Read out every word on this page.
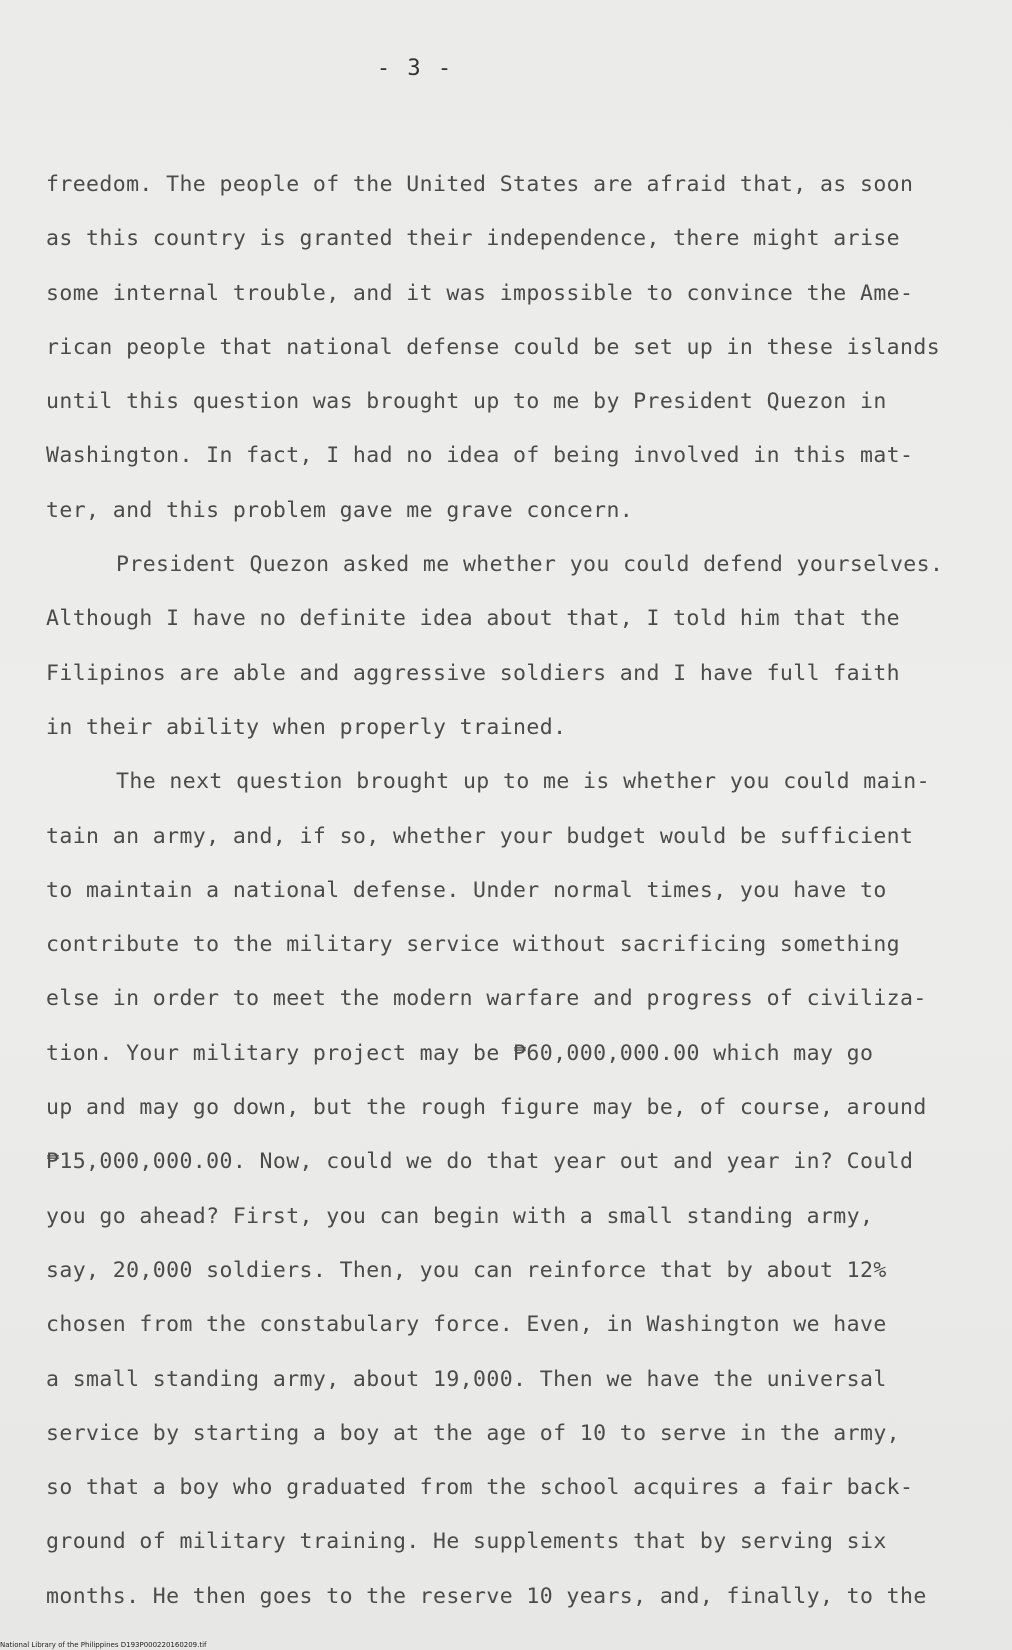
- 3 -
freedom. The people of the United States are afraid that, as soon
as this country is granted their independence, there might arise
some internal trouble, and it was impossible to convince the Ame-
rican people that national defense could be set up in these islands
until this question was brought up to me by President Quezon in
Washington. In fact, I had no idea of being involved in this mat-
ter, and this problem gave me grave concern.
President Quezon asked me whether you could defend yourselves.
Although I have no definite idea about that, I told him that the
Filipinos are able and aggressive soldiers and I have full faith
in their ability when properly trained.
The next question brought up to me is whether you could main-
tain an army, and, if so, whether your budget would be sufficient
to maintain a national defense. Under normal times, you have to
contribute to the military service without sacrificing something
else in order to meet the modern warfare and progress of civiliza-
tion. Your military project may be ₱60,000,000.00 which may go
up and may go down, but the rough figure may be, of course, around
₱15,000,000.00. Now, could we do that year out and year in? Could
you go ahead? First, you can begin with a small standing army,
say, 20,000 soldiers. Then, you can reinforce that by about 12%
chosen from the constabulary force. Even, in Washington we have
a small standing army, about 19,000. Then we have the universal
service by starting a boy at the age of 10 to serve in the army,
so that a boy who graduated from the school acquires a fair back-
ground of military training. He supplements that by serving six
months. He then goes to the reserve 10 years, and, finally, to the
National Library of the Philippines D193P000220160209.tif
